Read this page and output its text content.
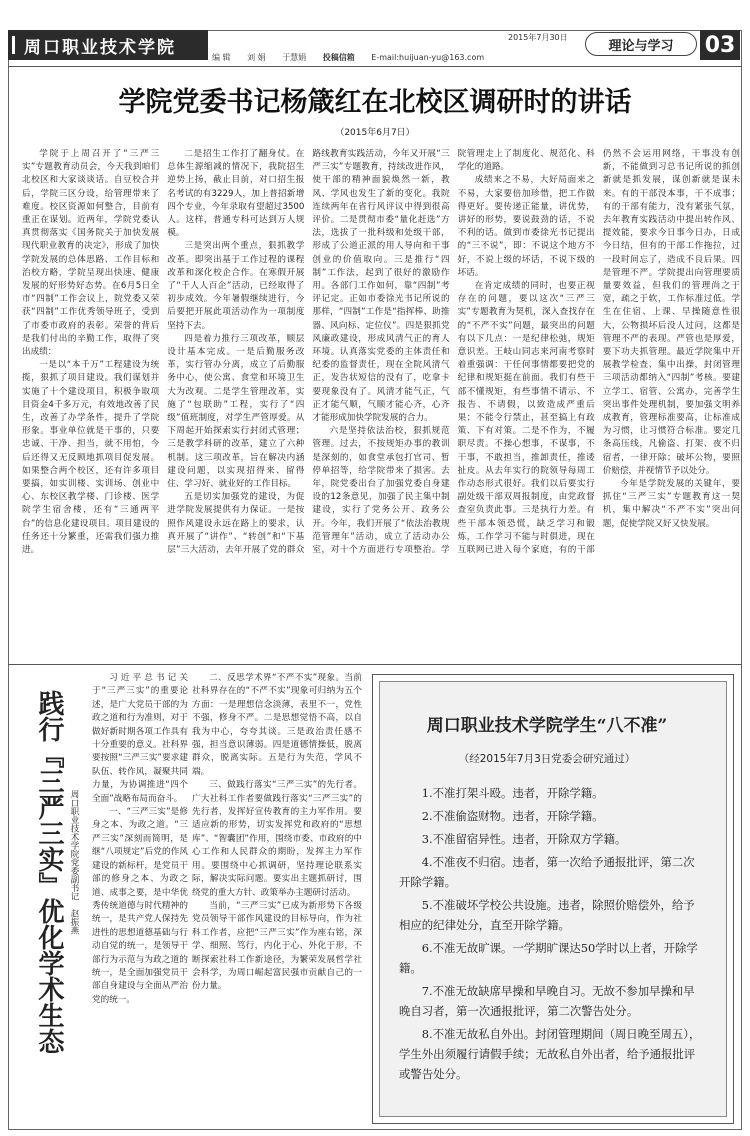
周口职业技术学院	编 辑 刘 娟 于慧娟 投稿信箱 E-mail:huijuan-yu@163.com
2015年7月30日
理论与学习	03
学院党委书记杨箴红在北校区调研时的讲话
（2015年6月7日）

学院于上周召开了“三严三实”专题教育动员会，今天我到咱们北校区和大家谈谈话。自豆校合并后，学院三区分设，给管理带来了难度。校区资源如何整合，目前有重正在谋划。近两年，学院党委认真贯彻落实《国务院关于加快发展现代职业教育的决定》，形成了加快学院发展的总体思路、工作目标和治校方略，学院呈现出快速、健康发展的好形势好态势。在6月5日全市“四制”工作会议上，院党委又荣获“四制”工作优秀领导班子，受到了市委市政府的表彰。荣誉的背后是我们付出的辛勤工作，取得了突出成绩：

一是以“本千万”工程建设为统揽，狠抓了项目建设。我们谋划并实施了十个建设项目，积极争取项目资金4千多万元，有效地改善了民生，改善了办学条件，提升了学院形象。事业单位就是干事的，只要忠诚、干净、担当，就不用怕，今后还得又无反顾地抓项目促发展。如果整合两个校区，还有许多项目要搞，如实训楼、实训场、创业中心、东校区教学楼、门诊楼、医学院学生宿舍楼，还有“三通两平台”的信息化建设项目。项目建设的任务还十分繁重，还需我们强力推进。

二是招生工作打了翻身仗。在总体生源缩减的情况下，我院招生逆势上扬，截止目前，对口招生报名考试的有3229人，加上普招新增四个专业，今年录取有望超过3500人。这样，普通专科可达到万人规模。

三是突出两个重点，狠抓教学改革。即突出基于工作过程的课程改革和深化校企合作。在寒假开展了“千人人百企”活动，已经取得了初步成效。今年暑假继续进行，今后要把开展此项活动作为一项制度坚持下去。

四是着力推行三项改革，顺层设计基本完成。一是后勤服务改革，实行管办分离，成立了后勤服务中心，使公寓、食堂和环境卫生大为改观。二是学生管理改革，实施了“包联助”工程，实行了“四级”值班制度，对学生严管厚爱。从下周起开始探索实行封闭式管理；三是教学科研的改革，建立了六种机制。这三项改革，旨在解决内涵建设问题，以实现招得来、留得住、学习好、就业好的工作目标。

五是切实加强党的建设，为促进学院发展提供有力保证。一是按照作风建设永远在路上的要求，认真开展了“讲作”、“转创”和“下基层”三大活动，去年开展了党的群众路线教育实践活动，今年又开展“三严三实”专题教育，持续改进作风，使干部的精神面貌焕然一新，教风、学风也发生了新的变化。我院连续两年在省行风评议中得到很高评价。二是贯彻市委“量化赶选”方法，选拔了一批科级和处级干部，形成了公道正派的用人导向和干事创业的价值取向。三是推行“四制”工作法，起到了很好的激励作用。各部门工作如何，靠“四制”考评记定。正如市委徐光书记所说的那样，“四制”工作是“指挥棒、助推器、风向标、定位仪”。四是狠抓党风廉政建设，形成风清气正的育人环境。认真落实党委的主体责任和纪委的监督责任，现在全院风清气正，发告状短信的没有了，吃拿卡要现象没有了。风清才能气正，气正才能气顺，气顺才能心齐，心齐才能形成加快学院发展的合力。

六是坚持依法治校，狠抓规范管理。过去，不按规矩办事的教训是深刻的，如食堂承包打官司、暂停单招等，给学院带来了损害。去年，院党委出台了加强党委自身建设的12条意见，加强了民主集中制建设，实行了党务公开、政务公开。今年，我们开展了“依法治教规范管理年”活动，成立了活动办公室，对十个方面进行专项整治。学院管理走上了制度化、规范化、科学化的道路。

成绩来之不易，大好局面来之不易，大家要倍加珍惜，把工作做得更好。要传递正能量，讲优势，讲好的形势，要说鼓劲的话，不说不利的话。做到市委徐光书记提出的“三不说”，即：不说这个地方不好，不说上级的坏话，不说下级的坏话。

在肯定成绩的同时，也要正视存在的问题，要以这次“三严三实”专题教育为契机，深入查找存在的“不严不实”问题，最突出的问题有以下几点：一是纪律松弛，规矩意识差。王岐山同志来河南考察时着重强调：干任何事情都要把党的纪律和规矩挺在前面。我们有些干部不懂规矩，有些事情不请示、不报告、不请假，以致造成严重后果；不能令行禁止，甚至搞上有政策、下有对策。二是不作为，不履职尽责。不操心想事，不谋事，不干事，不敢担当，推卸责任，推诿扯皮。从去年实行的院领导每周工作动态形式很好。我们以后要实行副处级干部双周报制度，由党政督查室负责此事。三是执行力差。有些干部本领恐慌，缺乏学习和锻炼，工作学习不能与时俱进，现在互联网已进入每个家庭，有的干部仍然不会运用网络，干事没有创新，不能做到习总书记所说的抓创新就是抓发展，谋创新就是谋未来。有的干部没本事，干不成事；有的干部有能力，没有紧张气氛，去年教育实践活动中提出转作风、提效能，要求今日事今日办，日成今日结，但有的干部工作拖拉，过一段时间忘了，造成不良后果。四是管理不严。学院提出向管理要质量要效益，但我们的管理尚之于宽，疏之于软，工作标准过低。学生在住宿、上课、早操随意性很大，公物损坏后没人过问，这都是管理不严的表现。严管也是厚爱，要下功夫抓管理。最近学院集中开展教学检查、集中出操，封闭管理三项活动都纳入“四制”考核。要建立学工、宿管、公寓办，完善学生突出事件处理机制，要加强文明养成教育，管理标准要高，让标准成为习惯，让习惯符合标准。要定几条高压线，凡偷盗、打架、夜不归宿者，一律开除；破坏公物，要照价赔偿，并视情节予以处分。

今年是学院发展的关键年，要抓住“三严三实”专题教育这一契机，集中解决“不严不实”突出问题，促使学院又好又快发展。

践行『三严三实』优化学术生态 周口职业技术学院党委副书记　赵振燕

习近平总书记关于“三严三实”的重要论述，是广大党员干部的为政之道和行为准则，对于做好新时期各项工作具有十分重要的意义。社科界要按照“三严三实”要求建队伍、转作风，凝聚共同力量，为协调推进“四个全面”战略布局而奋斗。

一、“三严三实”是修身之本、为政之道。“三严三实”深刻而简明，是继“八项规定”后党的作风建设的新标杆，是党员干部的修身之本、为政之道、成事之要，是中华优秀传统道德与时代精神的统一，是共产党人保持先进性的思想道德基础与行动自觉的统一，是领导干部行为示范与为政之道的统一，是全面加强党员干部自身建设与全面从严治党的统一。

二、反思学术界“不严不实”现象。当前社科界存在的“不严不实”现象可归纳为五个方面：一是理想信念淡薄，表里不一，党性不强，修身不严。二是思想觉悟不高，以自我为中心，夸夸其谈。三是政治责任感不强，担当意识薄弱。四是道德情操低，脱离群众，脱离实际。五是行为失范，学风不端。

三、做践行落实“三严三实”的先行者。广大社科工作者要做践行落实“三严三实”的先行者，发挥好宣传教育的主力军作用。要适应新的形势，切实发挥党和政府的“思想库”、“智囊团”作用，围绕市委、市政府的中心工作和人民群众的期盼，发挥主力军作用。要围绕中心抓调研，坚持理论联系实际，解决实际问题。要实出主题抓研讨，围绕党的重大方针、政策举办主题研讨活动。

当前，“三严三实”已成为新形势下各级党员领导干部作风建设的目标导向，作为社科工作者，应把“三严三实”作为座右铭，深学、细照、笃行，内化于心、外化于形，不断探索社科工作新途径，为繁荣发展哲学社会科学，为周口崛起富民强市贡献自己的一份力量。

周口职业技术学院学生“八不准”
（经2015年7月3日党委会研究通过）

1.不准打架斗殴。违者，开除学籍。

2.不准偷盗财物。违者，开除学籍。

3.不准留宿异性。违者，开除双方学籍。

4.不准夜不归宿。违者，第一次给予通报批评，第二次开除学籍。

5.不准破坏学校公共设施。违者，除照价赔偿外，给予相应的纪律处分，直至开除学籍。

6.不准无故旷课。一学期旷课达50学时以上者，开除学籍。

7.不准无故缺席早操和早晚自习。无故不参加早操和早晚自习者，第一次通报批评，第二次警告处分。

8.不准无故私自外出。封闭管理期间（周日晚至周五），学生外出须履行请假手续；无故私自外出者，给予通报批评或警告处分。
